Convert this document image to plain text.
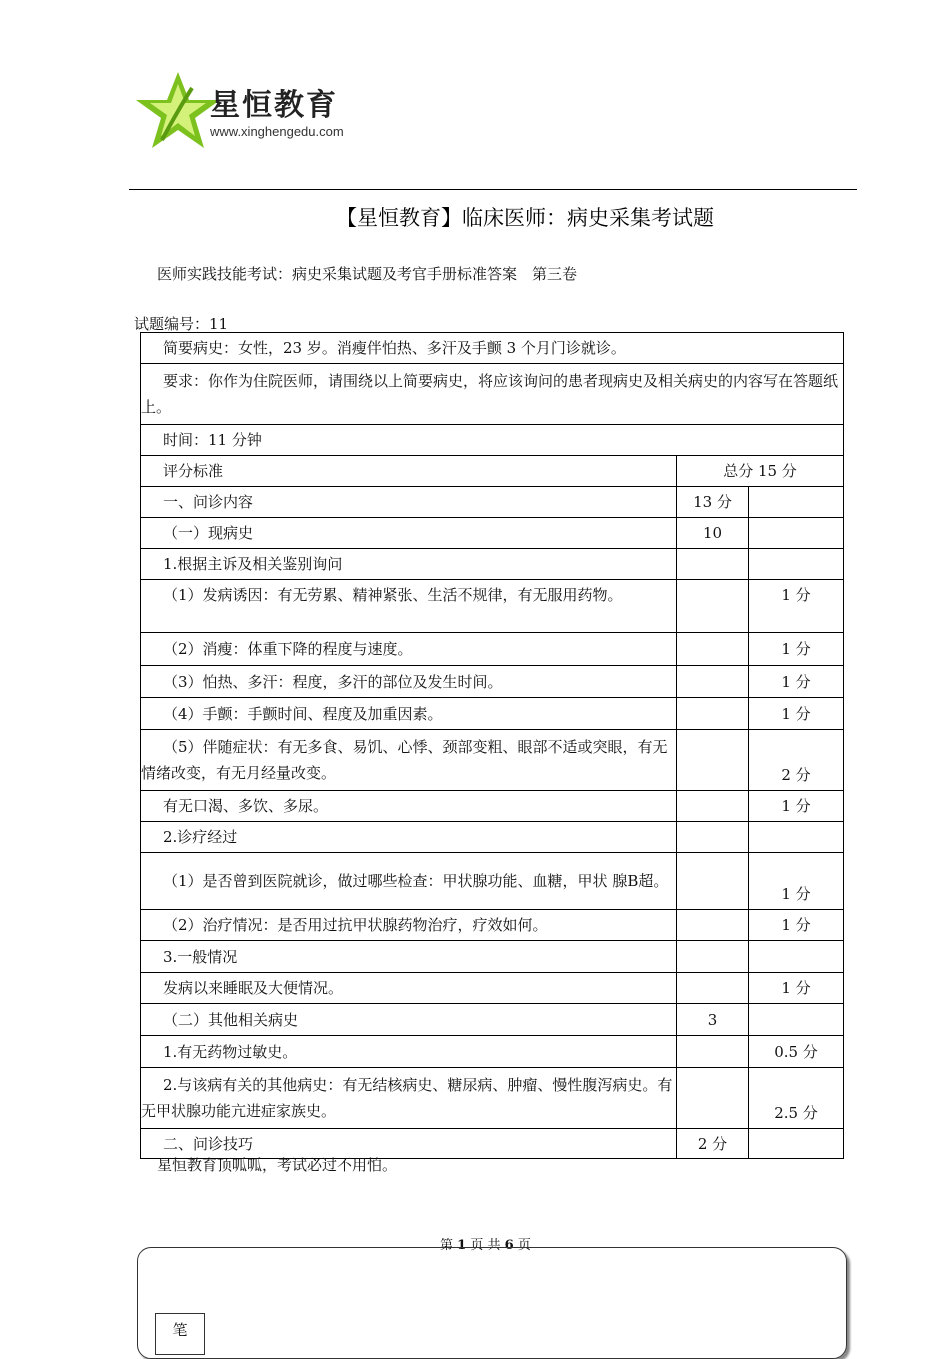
星恒教育
www.xinghengedu.com
【星恒教育】临床医师：病史采集考试题
医师实践技能考试：病史采集试题及考官手册标准答案　第三卷
试题编号：11
简要病史：女性，23 岁。消瘦伴怕热、多汗及手颤 3 个月门诊就诊。		
要求：你作为住院医师，请围绕以上简要病史，将应该询问的患者现病史及相关病史的内容写在答题纸上。		
时间：11 分钟		
评分标准	总分 15 分	
一、问诊内容	13 分	
（一）现病史	10	
1.根据主诉及相关鉴别询问		
（1）发病诱因：有无劳累、精神紧张、生活不规律，有无服用药物。		1 分
（2）消瘦：体重下降的程度与速度。		1 分
（3）怕热、多汗：程度，多汗的部位及发生时间。		1 分
（4）手颤：手颤时间、程度及加重因素。		1 分
（5）伴随症状：有无多食、易饥、心悸、颈部变粗、眼部不适或突眼，有无情绪改变，有无月经量改变。		2 分
有无口渴、多饮、多尿。		1 分
2.诊疗经过		
（1）是否曾到医院就诊，做过哪些检查：甲状腺功能、血糖，甲状 腺B超。		1 分
（2）治疗情况：是否用过抗甲状腺药物治疗，疗效如何。		1 分
3.一般情况		
发病以来睡眠及大便情况。		1 分
（二）其他相关病史	3	
1.有无药物过敏史。		0.5 分
2.与该病有关的其他病史：有无结核病史、糖尿病、肿瘤、慢性腹泻病史。有无甲状腺功能亢进症家族史。		2.5 分
二、问诊技巧	2 分	
星恒教育顶呱呱，考试必过不用怕。
第 1 页 共 6 页
笔
